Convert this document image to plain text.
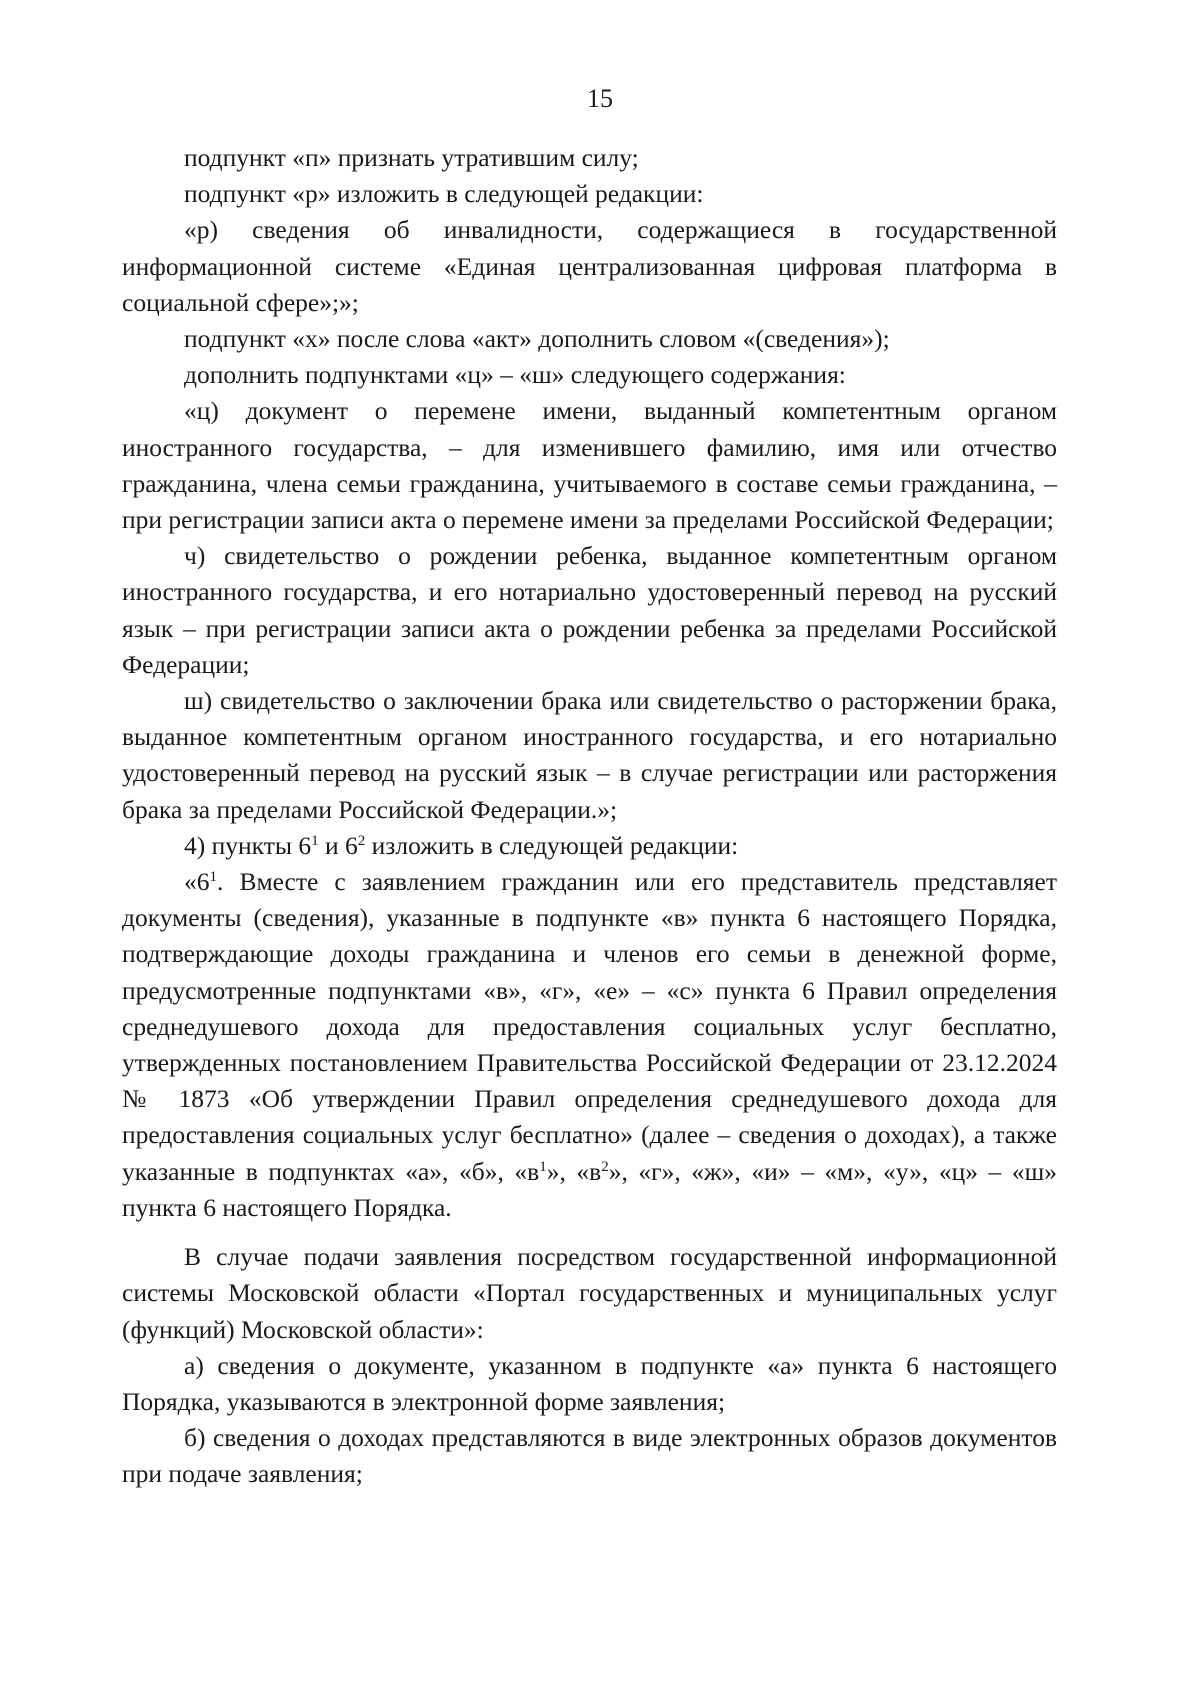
15

подпункт «п» признать утратившим силу;

подпункт «р» изложить в следующей редакции:

«р) сведения об инвалидности, содержащиеся в государственной информационной системе «Единая централизованная цифровая платформа в социальной сфере»;»;

подпункт «х» после слова «акт» дополнить словом «(сведения»);

дополнить подпунктами «ц» – «ш» следующего содержания:

«ц) документ о перемене имени, выданный компетентным органом иностранного государства, – для изменившего фамилию, имя или отчество гражданина, члена семьи гражданина, учитываемого в составе семьи гражданина, – при регистрации записи акта о перемене имени за пределами Российской Федерации;

ч) свидетельство о рождении ребенка, выданное компетентным органом иностранного государства, и его нотариально удостоверенный перевод на русский язык – при регистрации записи акта о рождении ребенка за пределами Российской Федерации;

ш) свидетельство о заключении брака или свидетельство о расторжении брака, выданное компетентным органом иностранного государства, и его нотариально удостоверенный перевод на русский язык – в случае регистрации или расторжения брака за пределами Российской Федерации.»;

4) пункты $6^1$ и $6^2$ изложить в следующей редакции:

«$6^1$. Вместе с заявлением гражданин или его представитель представляет документы (сведения), указанные в подпункте «в» пункта 6 настоящего Порядка, подтверждающие доходы гражданина и членов его семьи в денежной форме, предусмотренные подпунктами «в», «г», «е» – «с» пункта 6 Правил определения среднедушевого дохода для предоставления социальных услуг бесплатно, утвержденных постановлением Правительства Российской Федерации от 23.12.2024 № 1873 «Об утверждении Правил определения среднедушевого дохода для предоставления социальных услуг бесплатно» (далее – сведения о доходах), а также указанные в подпунктах «а», «б», «$в^1$», «$в^2$», «г», «ж», «и» – «м», «у», «ц» – «ш» пункта 6 настоящего Порядка.

В случае подачи заявления посредством государственной информационной системы Московской области «Портал государственных и муниципальных услуг (функций) Московской области»:

а) сведения о документе, указанном в подпункте «а» пункта 6 настоящего Порядка, указываются в электронной форме заявления;

б) сведения о доходах представляются в виде электронных образов документов при подаче заявления;
